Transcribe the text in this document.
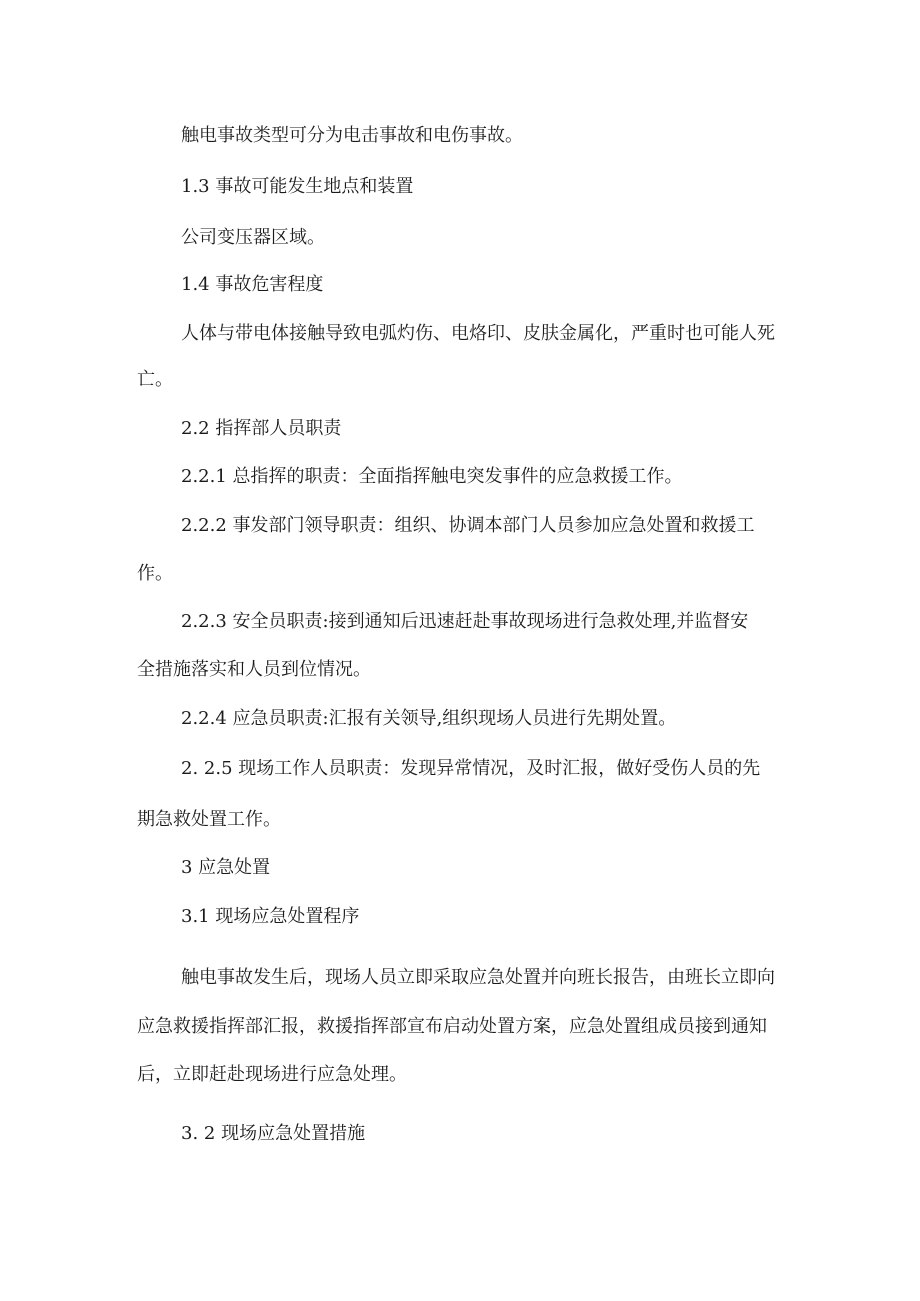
触电事故类型可分为电击事故和电伤事故。
1.3 事故可能发生地点和装置
公司变压器区域。
1.4 事故危害程度
人体与带电体接触导致电弧灼伤、电烙印、皮肤金属化，严重时也可能人死
亡。
2.2 指挥部人员职责
2.2.1 总指挥的职责：全面指挥触电突发事件的应急救援工作。
2.2.2 事发部门领导职责：组织、协调本部门人员参加应急处置和救援工
作。
2.2.3 安全员职责:接到通知后迅速赶赴事故现场进行急救处理,并监督安
全措施落实和人员到位情况。
2.2.4 应急员职责:汇报有关领导,组织现场人员进行先期处置。
2. 2.5 现场工作人员职责：发现异常情况，及时汇报，做好受伤人员的先
期急救处置工作。
3 应急处置
3.1 现场应急处置程序
触电事故发生后，现场人员立即采取应急处置并向班长报告，由班长立即向
应急救援指挥部汇报，救援指挥部宣布启动处置方案，应急处置组成员接到通知
后，立即赶赴现场进行应急处理。
3. 2 现场应急处置措施
